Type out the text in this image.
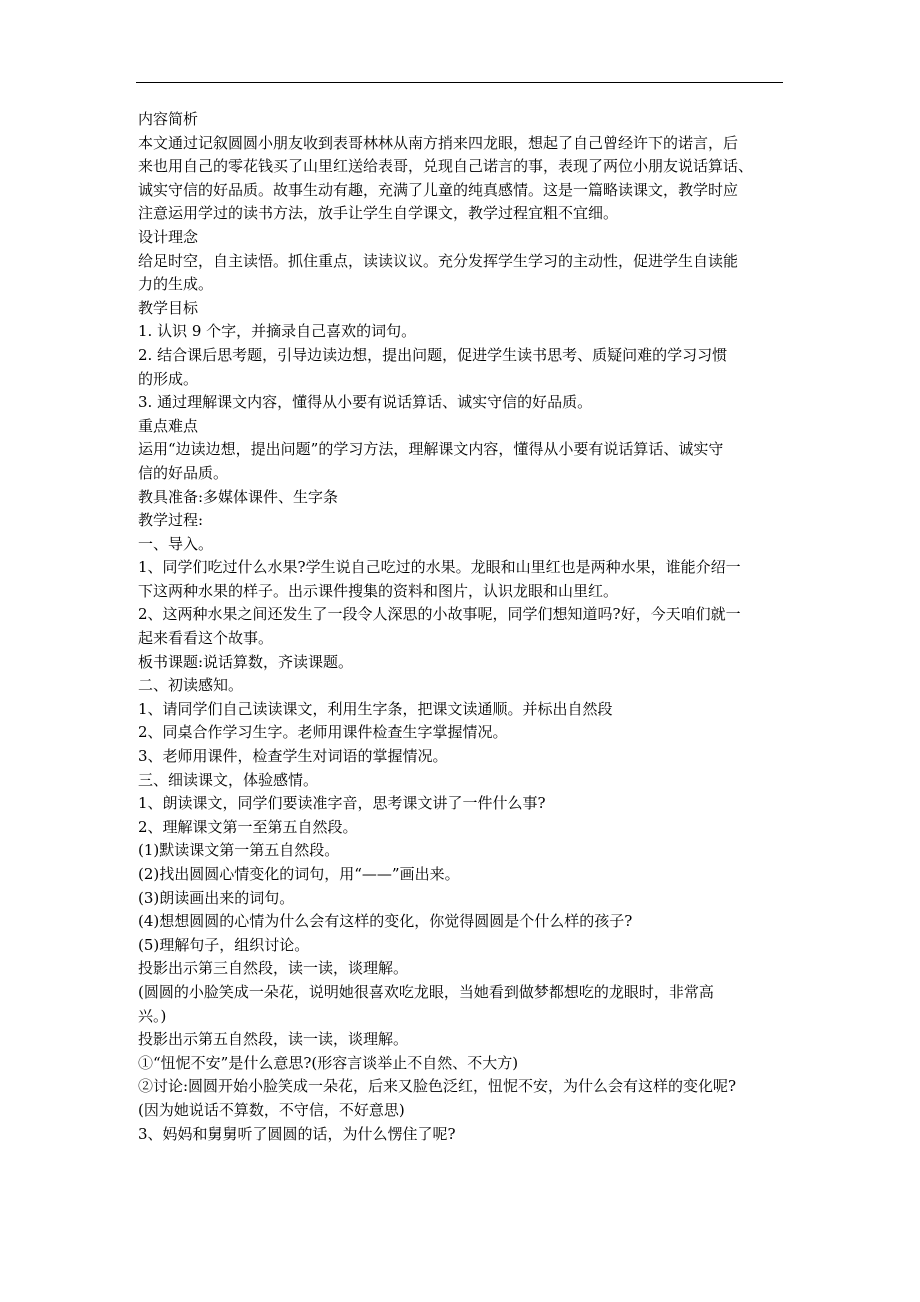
内容简析
本文通过记叙圆圆小朋友收到表哥林林从南方捎来四龙眼，想起了自己曾经许下的诺言，后
来也用自己的零花钱买了山里红送给表哥，兑现自己诺言的事，表现了两位小朋友说话算话、
诚实守信的好品质。故事生动有趣，充满了儿童的纯真感情。这是一篇略读课文，教学时应
注意运用学过的读书方法，放手让学生自学课文，教学过程宜粗不宜细。
设计理念
给足时空，自主读悟。抓住重点，读读议议。充分发挥学生学习的主动性，促进学生自读能
力的生成。
教学目标
1. 认识 9 个字，并摘录自己喜欢的词句。
2. 结合课后思考题，引导边读边想，提出问题，促进学生读书思考、质疑问难的学习习惯
的形成。
3. 通过理解课文内容，懂得从小要有说话算话、诚实守信的好品质。
重点难点
运用“边读边想，提出问题”的学习方法，理解课文内容，懂得从小要有说话算话、诚实守
信的好品质。
教具准备:多媒体课件、生字条
教学过程:
一、导入。
1、同学们吃过什么水果?学生说自己吃过的水果。龙眼和山里红也是两种水果，谁能介绍一
下这两种水果的样子。出示课件搜集的资料和图片，认识龙眼和山里红。
2、这两种水果之间还发生了一段令人深思的小故事呢，同学们想知道吗?好，今天咱们就一
起来看看这个故事。
板书课题:说话算数，齐读课题。
二、初读感知。
1、请同学们自己读读课文，利用生字条，把课文读通顺。并标出自然段
2、同桌合作学习生字。老师用课件检查生字掌握情况。
3、老师用课件，检查学生对词语的掌握情况。
三、细读课文，体验感情。
1、朗读课文，同学们要读准字音，思考课文讲了一件什么事?
2、理解课文第一至第五自然段。
(1)默读课文第一第五自然段。
(2)找出圆圆心情变化的词句，用“——”画出来。
(3)朗读画出来的词句。
(4)想想圆圆的心情为什么会有这样的变化，你觉得圆圆是个什么样的孩子?
(5)理解句子，组织讨论。
投影出示第三自然段，读一读，谈理解。
(圆圆的小脸笑成一朵花，说明她很喜欢吃龙眼，当她看到做梦都想吃的龙眼时，非常高
兴。)
投影出示第五自然段，读一读，谈理解。
①“忸怩不安”是什么意思?(形容言谈举止不自然、不大方)
②讨论:圆圆开始小脸笑成一朵花，后来又脸色泛红，忸怩不安，为什么会有这样的变化呢?
(因为她说话不算数，不守信，不好意思)
3、妈妈和舅舅听了圆圆的话，为什么愣住了呢?
